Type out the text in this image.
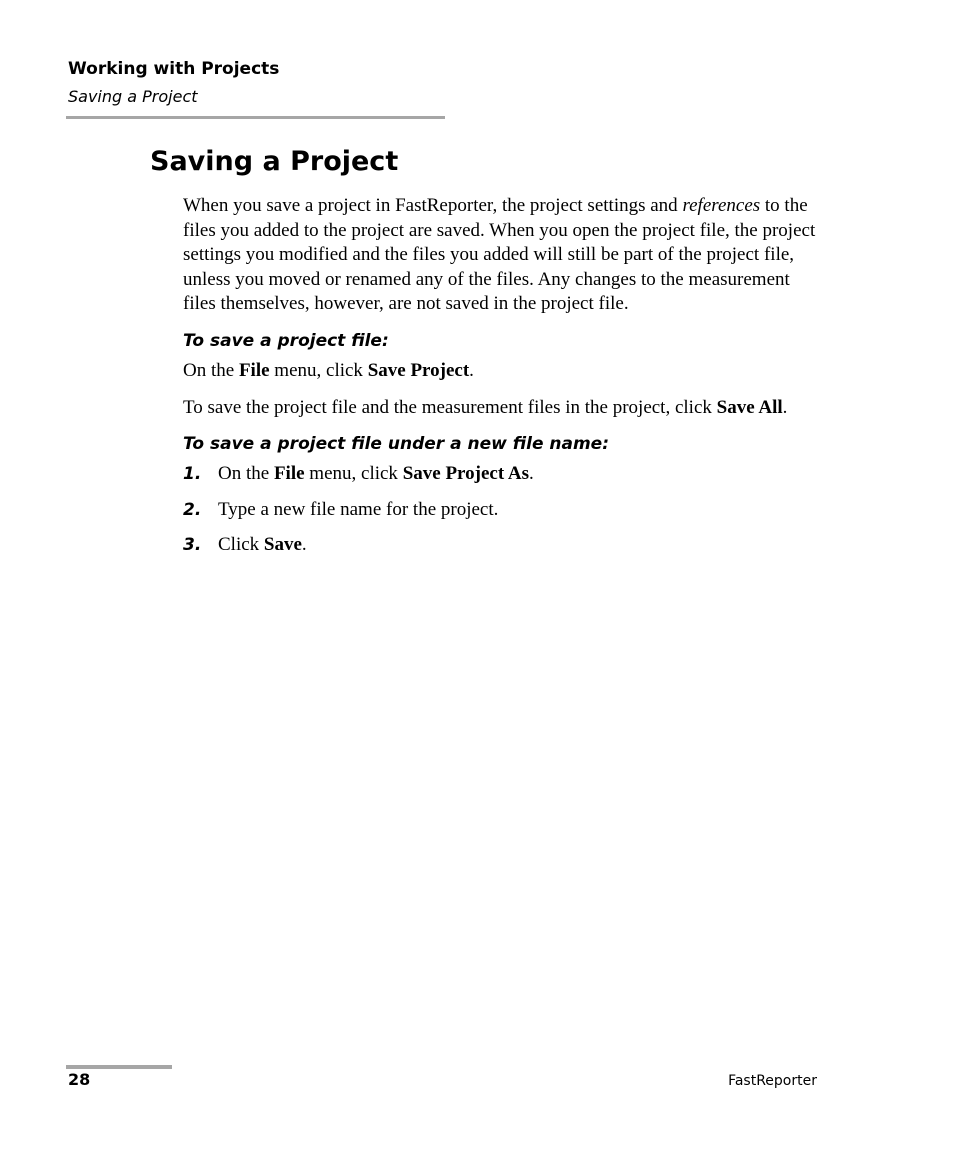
Working with Projects
Saving a Project
Saving a Project

When you save a project in FastReporter, the project settings and references to the files you added to the project are saved. When you open the project file, the project settings you modified and the files you added will still be part of the project file, unless you moved or renamed any of the files. Any changes to the measurement files themselves, however, are not saved in the project file.

To save a project file:

On the File menu, click Save Project.

To save the project file and the measurement files in the project, click Save All.

To save a project file under a new file name:

1. On the File menu, click Save Project As.
2. Type a new file name for the project.
3. Click Save.
28	FastReporter
